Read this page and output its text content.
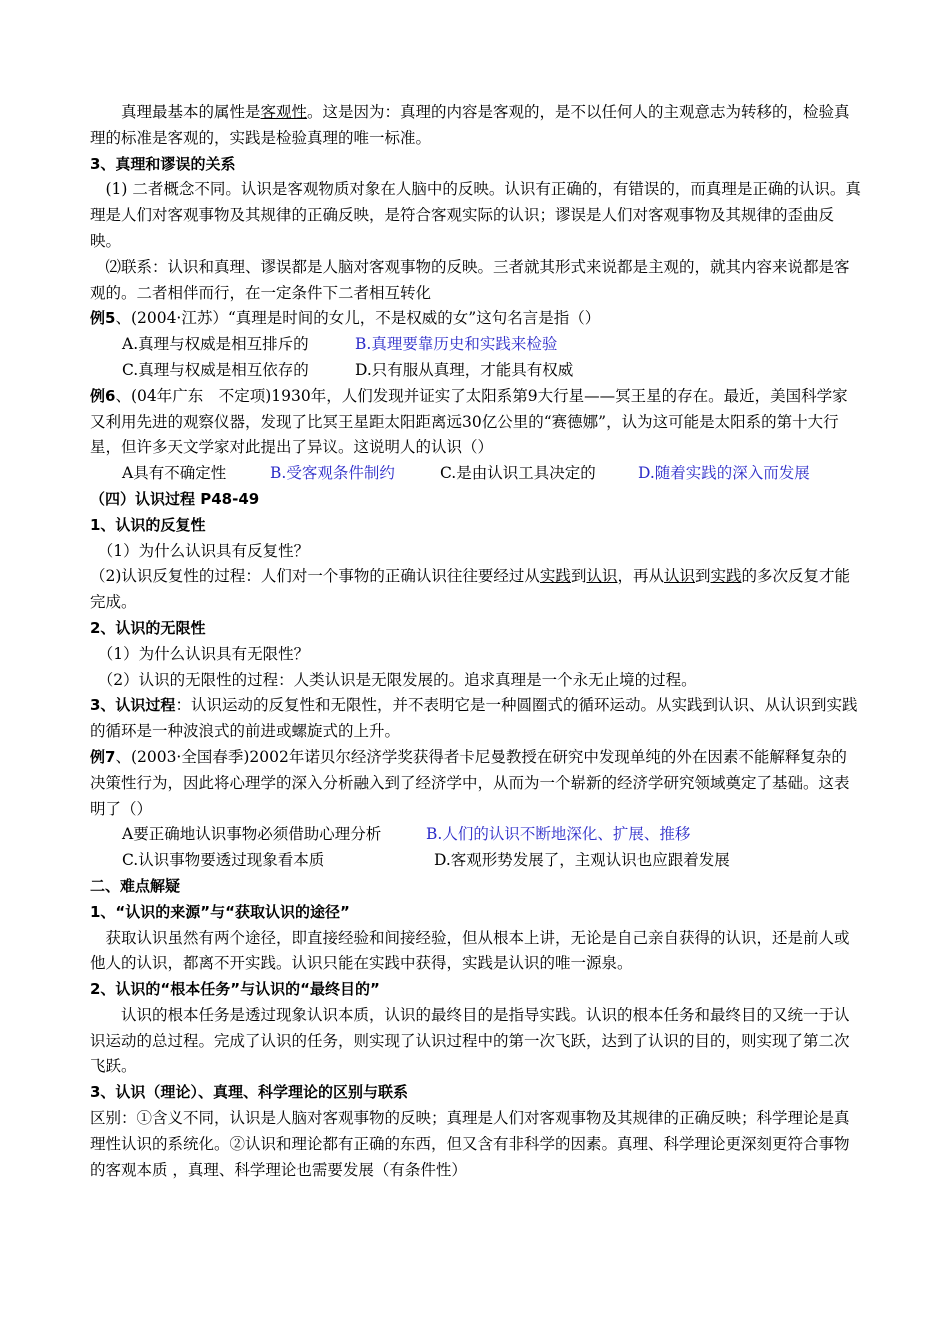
真理最基本的属性是客观性。这是因为：真理的内容是客观的，是不以任何人的主观意志为转移的，检验真理的标准是客观的，实践是检验真理的唯一标准。

3、真理和谬误的关系

(1) 二者概念不同。认识是客观物质对象在人脑中的反映。认识有正确的，有错误的，而真理是正确的认识。真理是人们对客观事物及其规律的正确反映，是符合客观实际的认识；谬误是人们对客观事物及其规律的歪曲反映。

⑵联系：认识和真理、谬误都是人脑对客观事物的反映。三者就其形式来说都是主观的，就其内容来说都是客观的。二者相伴而行，在一定条件下二者相互转化

例5、(2004·江苏）“真理是时间的女儿，不是权威的女”这句名言是指（）

A.真理与权威是相互排斥的	B.真理要靠历史和实践来检验
C.真理与权威是相互依存的	D.只有服从真理，才能具有权威

例6、(04年广东　不定项)1930年，人们发现并证实了太阳系第9大行星——冥王星的存在。最近，美国科学家又利用先进的观察仪器，发现了比冥王星距太阳距离远30亿公里的“赛德娜”，认为这可能是太阳系的第十大行星，但许多天文学家对此提出了异议。这说明人的认识（）

A具有不确定性	B.受客观条件制约	C.是由认识工具决定的	D.随着实践的深入而发展

（四）认识过程 P48-49

1、认识的反复性

（1）为什么认识具有反复性？

（2)认识反复性的过程：人们对一个事物的正确认识往往要经过从实践到认识，再从认识到实践的多次反复才能完成。

2、认识的无限性

（1）为什么认识具有无限性？

（2）认识的无限性的过程：人类认识是无限发展的。追求真理是一个永无止境的过程。

3、认识过程：认识运动的反复性和无限性，并不表明它是一种圆圈式的循环运动。从实践到认识、从认识到实践的循环是一种波浪式的前进或螺旋式的上升。

例7、(2003·全国春季)2002年诺贝尔经济学奖获得者卡尼曼教授在研究中发现单纯的外在因素不能解释复杂的决策性行为，因此将心理学的深入分析融入到了经济学中，从而为一个崭新的经济学研究领域奠定了基础。这表明了（）

A要正确地认识事物必须借助心理分析	B.人们的认识不断地深化、扩展、推移
C.认识事物要透过现象看本质	D.客观形势发展了，主观认识也应跟着发展

二、难点解疑

1、“认识的来源”与“获取认识的途径”

获取认识虽然有两个途径，即直接经验和间接经验，但从根本上讲，无论是自己亲自获得的认识，还是前人或他人的认识，都离不开实践。认识只能在实践中获得，实践是认识的唯一源泉。

2、认识的“根本任务”与认识的“最终目的”

认识的根本任务是透过现象认识本质，认识的最终目的是指导实践。认识的根本任务和最终目的又统一于认识运动的总过程。完成了认识的任务，则实现了认识过程中的第一次飞跃，达到了认识的目的，则实现了第二次飞跃。

3、认识（理论）、真理、科学理论的区别与联系

区别：①含义不同，认识是人脑对客观事物的反映；真理是人们对客观事物及其规律的正确反映；科学理论是真理性认识的系统化。②认识和理论都有正确的东西，但又含有非科学的因素。真理、科学理论更深刻更符合事物的客观本质 ，真理、科学理论也需要发展（有条件性）
